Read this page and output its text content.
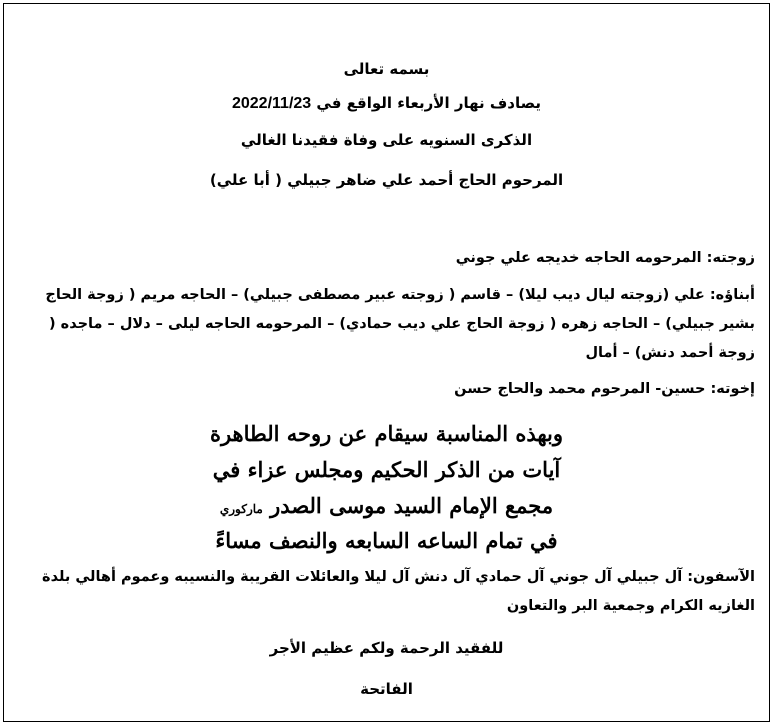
بسمه تعالى
يصادف نهار الأربعاء الواقع في 2022/11/23
الذكرى السنويه على وفاة فقيدنا الغالي
المرحوم الحاج أحمد علي ضاهر جبيلي ( أبا علي)
زوجته: المرحومه الحاجه خديجه علي جوني
أبناؤه: علي (زوجته ليال ديب ليلا) – قاسم ( زوجته عبير مصطفى جبيلي) – الحاجه مريم ( زوجة الحاج
بشير جبيلي) – الحاجه زهره ( زوجة الحاج علي ديب حمادي) – المرحومه الحاجه ليلى – دلال – ماجده (
زوجة أحمد دنش) – أمال
إخوته: حسين- المرحوم محمد والحاج حسن
وبهذه المناسبة سيقام عن روحه الطاهرة
آيات من الذكر الحكيم ومجلس عزاء في
مجمع الإمام السيد موسى الصدر ماركوري
في تمام الساعه السابعه والنصف مساءً
الآسفون: آل جبيلي آل جوني آل حمادي آل دنش آل ليلا والعائلات القريبة والنسيبه وعموم أهالي بلدة
الغازيه الكرام وجمعية البر والتعاون
للفقيد الرحمة ولكم عظيم الأجر
الفاتحة
